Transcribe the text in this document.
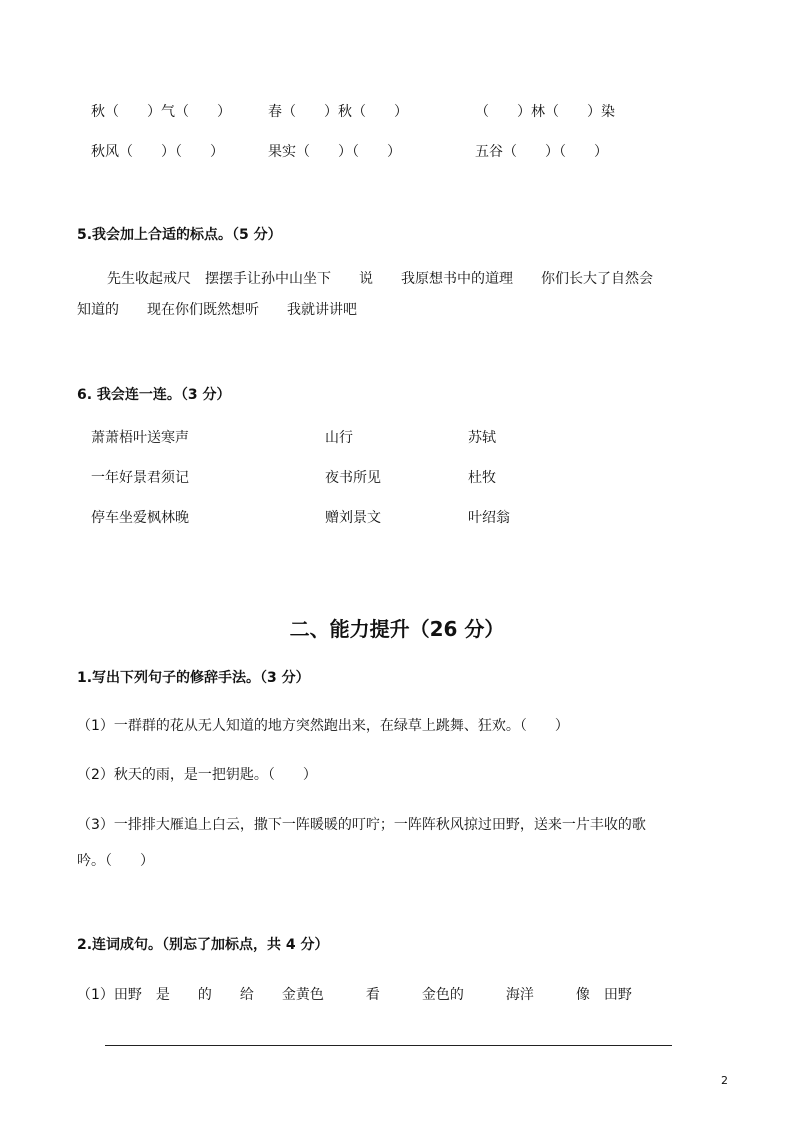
秋（　　）气（　　）	春（　　）秋（　　）	（　　）林（　　）染
秋风（　　）（　　）	果实（　　）（　　）	五谷（　　）（　　）
5.我会加上合适的标点。（5 分）
先生收起戒尺　摆摆手让孙中山坐下　　说　　我原想书中的道理　　你们长大了自然会
知道的　　现在你们既然想听　　我就讲讲吧
6. 我会连一连。（3 分）
萧萧梧叶送寒声	山行	苏轼
一年好景君须记	夜书所见	杜牧
停车坐爱枫林晚	赠刘景文	叶绍翁
二、能力提升（26 分）
1.写出下列句子的修辞手法。（3 分）
（1）一群群的花从无人知道的地方突然跑出来，在绿草上跳舞、狂欢。（　　）
（2）秋天的雨，是一把钥匙。（　　）
（3）一排排大雁追上白云，撒下一阵暖暖的叮咛；一阵阵秋风掠过田野，送来一片丰收的歌
吟。（　　）
2.连词成句。（别忘了加标点，共 4 分）
（1）田野　是　　的　　给　　金黄色　　　看　　　金色的　　　海洋　　　像　田野
2
